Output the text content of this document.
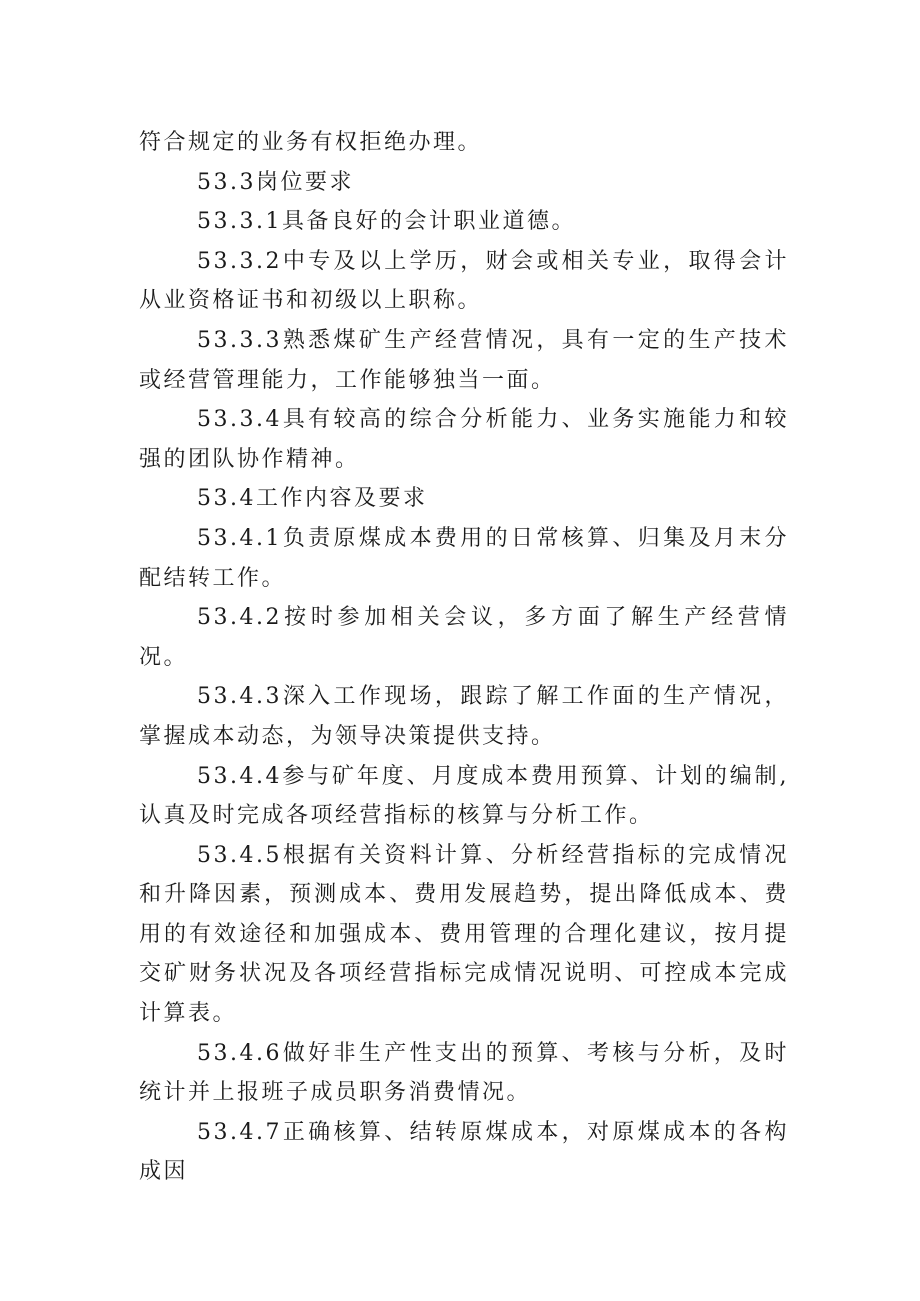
符合规定的业务有权拒绝办理。

53.3岗位要求

53.3.1具备良好的会计职业道德。

53.3.2中专及以上学历，财会或相关专业，取得会计从业资格证书和初级以上职称。

53.3.3熟悉煤矿生产经营情况，具有一定的生产技术或经营管理能力，工作能够独当一面。

53.3.4具有较高的综合分析能力、业务实施能力和较强的团队协作精神。

53.4工作内容及要求

53.4.1负责原煤成本费用的日常核算、归集及月末分配结转工作。

53.4.2按时参加相关会议，多方面了解生产经营情况。

53.4.3深入工作现场，跟踪了解工作面的生产情况，掌握成本动态，为领导决策提供支持。

53.4.4参与矿年度、月度成本费用预算、计划的编制,认真及时完成各项经营指标的核算与分析工作。

53.4.5根据有关资料计算、分析经营指标的完成情况和升降因素，预测成本、费用发展趋势，提出降低成本、费用的有效途径和加强成本、费用管理的合理化建议，按月提交矿财务状况及各项经营指标完成情况说明、可控成本完成计算表。

53.4.6做好非生产性支出的预算、考核与分析，及时统计并上报班子成员职务消费情况。

53.4.7正确核算、结转原煤成本，对原煤成本的各构成因
